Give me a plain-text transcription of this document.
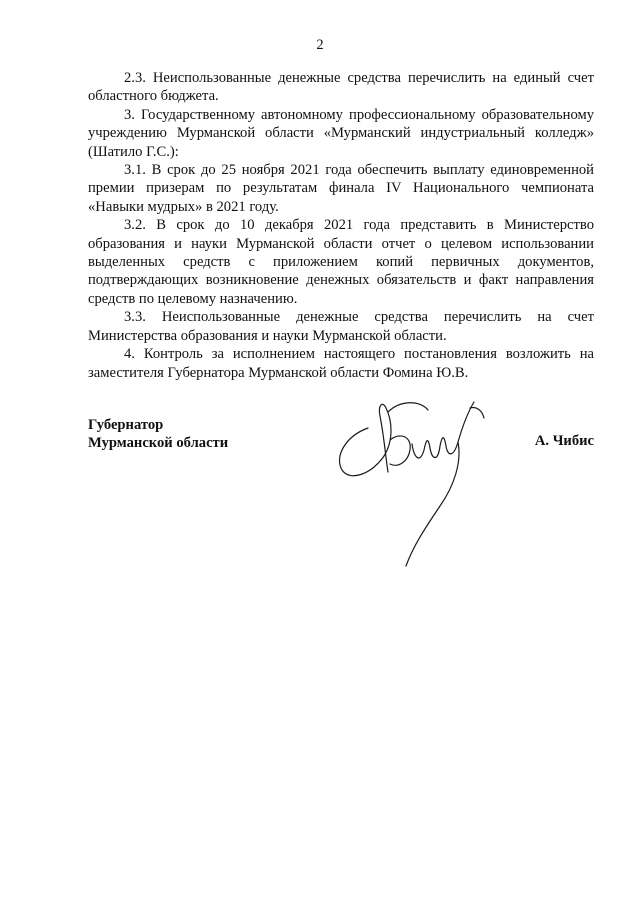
2

2.3. Неиспользованные денежные средства перечислить на единый счет областного бюджета.

3. Государственному автономному профессиональному образовательному учреждению Мурманской области «Мурманский индустриальный колледж» (Шатило Г.С.):

3.1. В срок до 25 ноября 2021 года обеспечить выплату единовременной премии призерам по результатам финала IV Национального чемпионата «Навыки мудрых» в 2021 году.

3.2. В срок до 10 декабря 2021 года представить в Министерство образования и науки Мурманской области отчет о целевом использовании выделенных средств с приложением копий первичных документов, подтверждающих возникновение денежных обязательств и факт направления средств по целевому назначению.

3.3. Неиспользованные денежные средства перечислить на счет Министерства образования и науки Мурманской области.

4. Контроль за исполнением настоящего постановления возложить на заместителя Губернатора Мурманской области Фомина Ю.В.

Губернатор
Мурманской области	А. Чибис
